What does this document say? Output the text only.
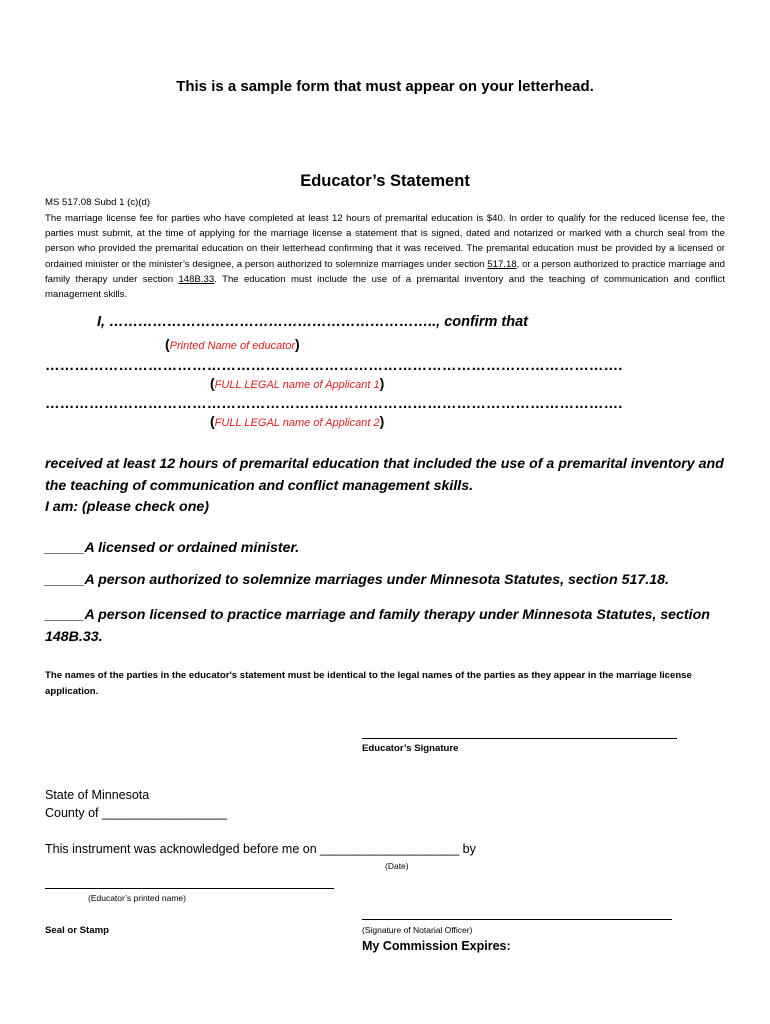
This is a sample form that must appear on your letterhead.
Educator’s Statement
MS 517.08 Subd 1 (c)(d)
The marriage license fee for parties who have completed at least 12 hours of premarital education is $40. In order to qualify for the reduced license fee, the parties must submit, at the time of applying for the marriage license a statement that is signed, dated and notarized or marked with a church seal from the person who provided the premarital education on their letterhead confirming that it was received. The premarital education must be provided by a licensed or ordained minister or the minister’s designee, a person authorized to solemnize marriages under section 517.18, or a person authorized to practice marriage and family therapy under section 148B.33. The education must include the use of a premarital inventory and the teaching of communication and conflict management skills.
I, ………………………………………………………….., confirm that
(Printed Name of educator)
……………………………………………………………………………………………………….
(FULL LEGAL name of Applicant 1)
……………………………………………………………………………………………………….
(FULL LEGAL name of Applicant 2)
received at least 12 hours of premarital education that included the use of a premarital inventory and the teaching of communication and conflict management skills.
I am: (please check one)
_____A licensed or ordained minister.
_____A person authorized to solemnize marriages under Minnesota Statutes, section 517.18.
_____A person licensed to practice marriage and family therapy under Minnesota Statutes, section 148B.33.
The names of the parties in the educator's statement must be identical to the legal names of the parties as they appear in the marriage license application.
Educator’s Signature
State of Minnesota
County of __________________
This instrument was acknowledged before me on ____________________ by
(Date)
(Educator’s printed name)
Seal or Stamp	(Signature of Notarial Officer)
My Commission Expires:
